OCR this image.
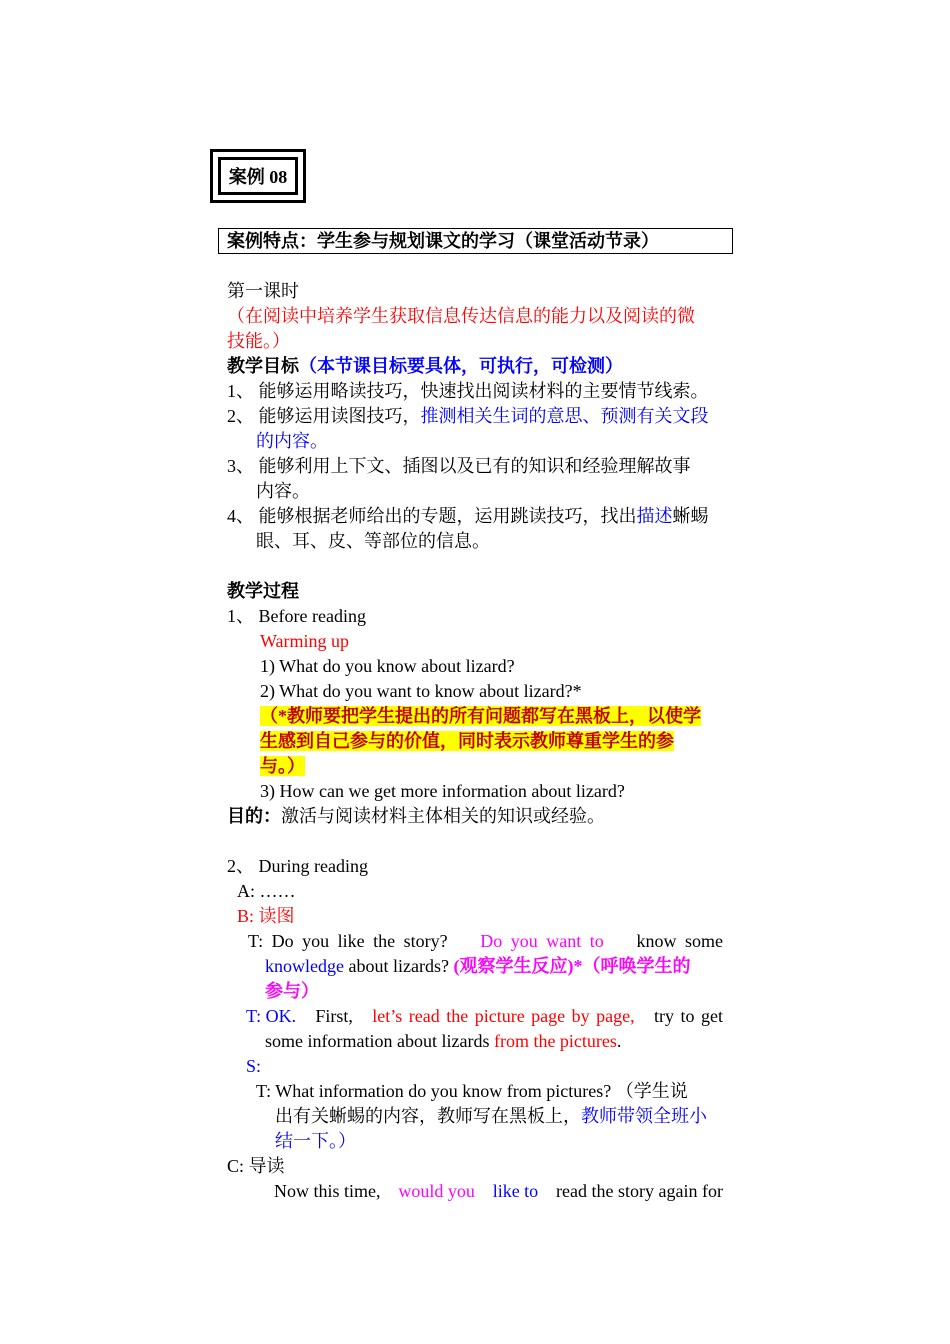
案例 08
案例特点：学生参与规划课文的学习（课堂活动节录）
第一课时
（在阅读中培养学生获取信息传达信息的能力以及阅读的微
技能。）
教学目标（本节课目标要具体，可执行，可检测）
1、 能够运用略读技巧，快速找出阅读材料的主要情节线索。
2、 能够运用读图技巧，推测相关生词的意思、预测有关文段
的内容。
3、 能够利用上下文、插图以及已有的知识和经验理解故事
内容。
4、 能够根据老师给出的专题，运用跳读技巧，找出描述蜥蜴
眼、耳、皮、等部位的信息。
教学过程
1、 Before reading
Warming up
1) What do you know about lizard?
2) What do you want to know about lizard?*
（*教师要把学生提出的所有问题都写在黑板上，以使学
生感到自己参与的价值，同时表示教师尊重学生的参
与。）
3) How can we get more information about lizard?
目的：激活与阅读材料主体相关的知识或经验。
2、 During reading
A: ……
B: 读图
T: Do you like the story? Do you want to know some
knowledge about lizards? (观察学生反应)*（呼唤学生的
参与）
T: OK. First, let’s read the picture page by page, try to get
some information about lizards from the pictures.
S:
T: What information do you know from pictures? （学生说
出有关蜥蜴的内容，教师写在黑板上，教师带领全班小
结一下。）
C: 导读
Now this time, would you like to read the story again for
